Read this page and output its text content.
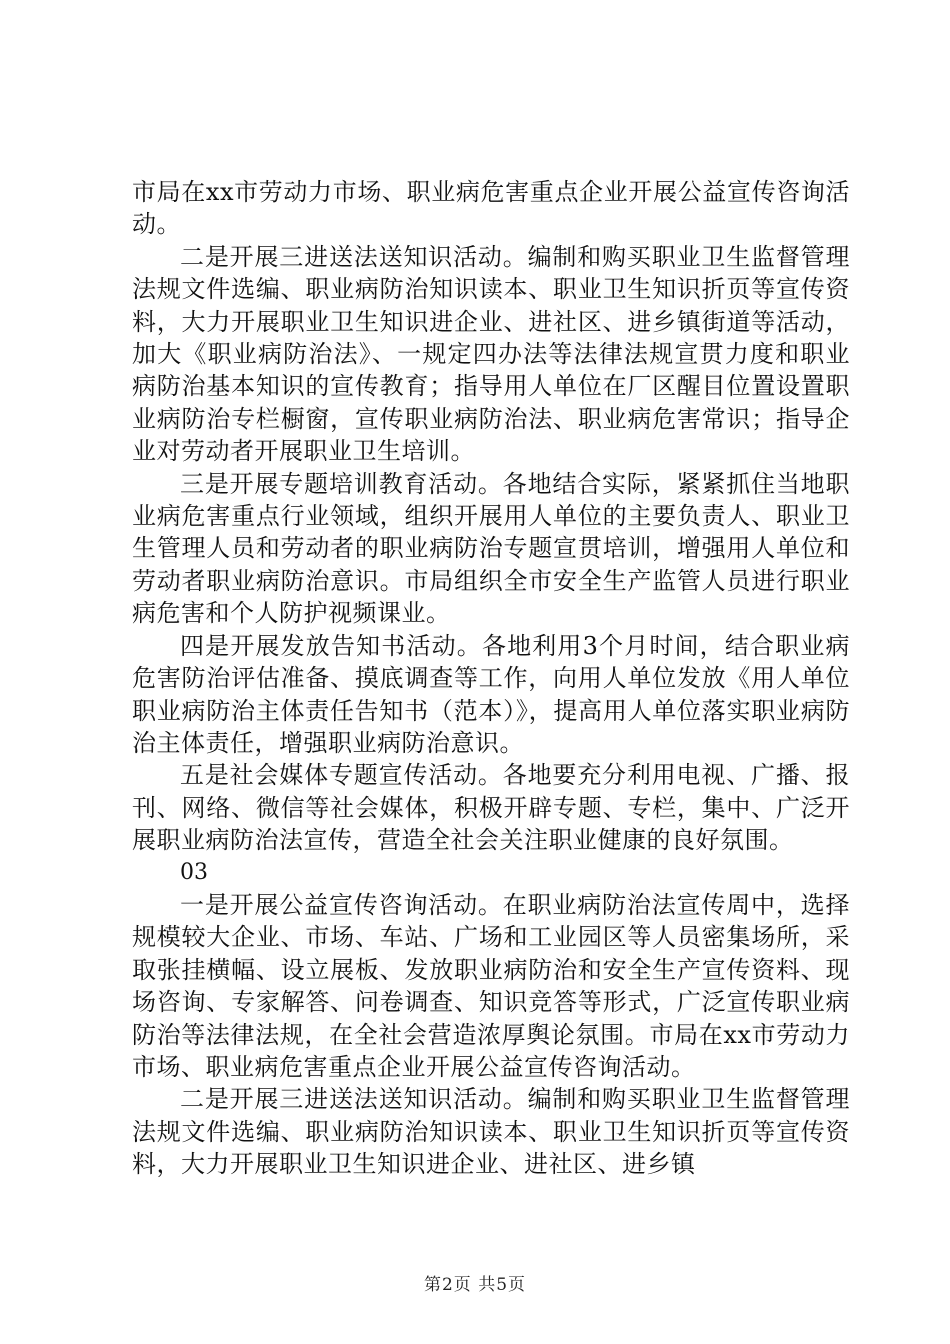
市局在xx市劳动力市场、职业病危害重点企业开展公益宣传咨询活动。

二是开展三进送法送知识活动。编制和购买职业卫生监督管理法规文件选编、职业病防治知识读本、职业卫生知识折页等宣传资料，大力开展职业卫生知识进企业、进社区、进乡镇街道等活动，加大《职业病防治法》、一规定四办法等法律法规宣贯力度和职业病防治基本知识的宣传教育；指导用人单位在厂区醒目位置设置职业病防治专栏橱窗，宣传职业病防治法、职业病危害常识；指导企业对劳动者开展职业卫生培训。

三是开展专题培训教育活动。各地结合实际，紧紧抓住当地职业病危害重点行业领域，组织开展用人单位的主要负责人、职业卫生管理人员和劳动者的职业病防治专题宣贯培训，增强用人单位和劳动者职业病防治意识。市局组织全市安全生产监管人员进行职业病危害和个人防护视频课业。

四是开展发放告知书活动。各地利用3个月时间，结合职业病危害防治评估准备、摸底调查等工作，向用人单位发放《用人单位职业病防治主体责任告知书（范本）》，提高用人单位落实职业病防治主体责任，增强职业病防治意识。

五是社会媒体专题宣传活动。各地要充分利用电视、广播、报刊、网络、微信等社会媒体，积极开辟专题、专栏，集中、广泛开展职业病防治法宣传，营造全社会关注职业健康的良好氛围。

03

一是开展公益宣传咨询活动。在职业病防治法宣传周中，选择规模较大企业、市场、车站、广场和工业园区等人员密集场所，采取张挂横幅、设立展板、发放职业病防治和安全生产宣传资料、现场咨询、专家解答、问卷调查、知识竞答等形式，广泛宣传职业病防治等法律法规，在全社会营造浓厚舆论氛围。市局在xx市劳动力市场、职业病危害重点企业开展公益宣传咨询活动。

二是开展三进送法送知识活动。编制和购买职业卫生监督管理法规文件选编、职业病防治知识读本、职业卫生知识折页等宣传资料，大力开展职业卫生知识进企业、进社区、进乡镇

第2页 共5页
